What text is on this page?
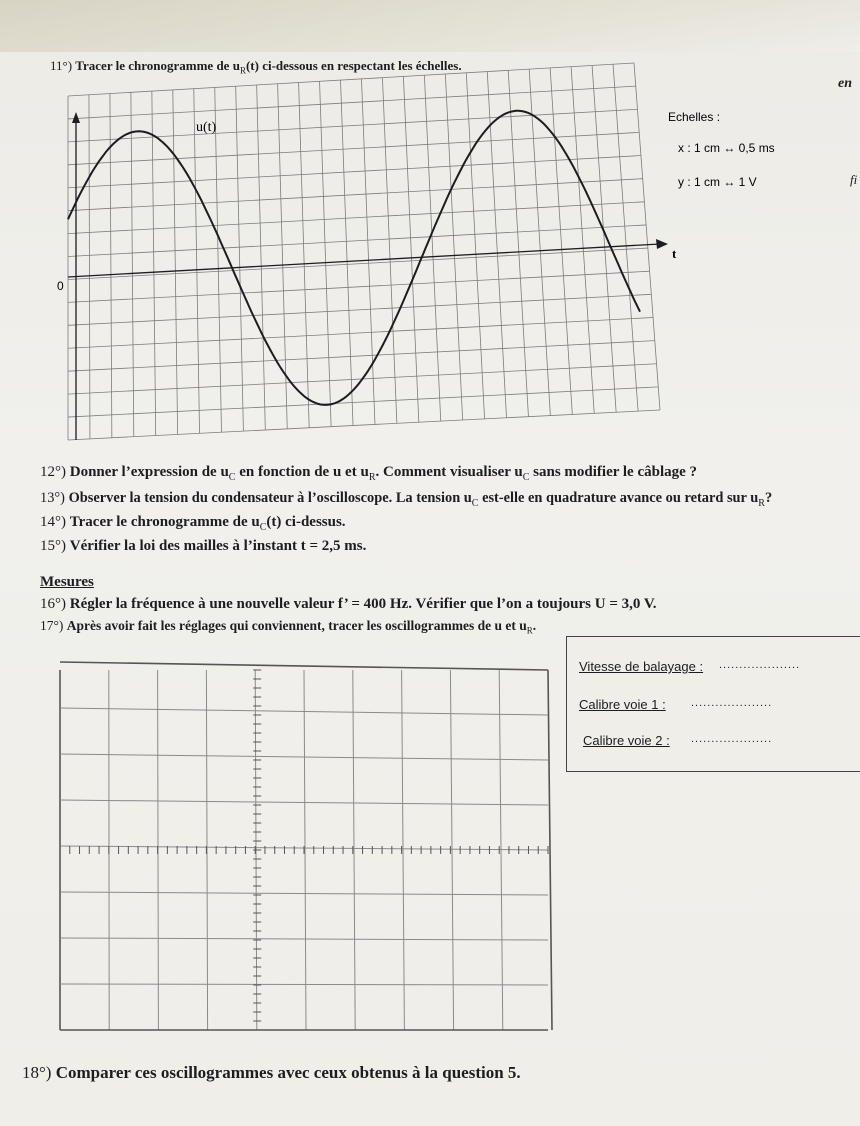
11°) Tracer le chronogramme de $u_R(t)$ ci-dessous en respectant les échelles.
en
fi
u(t)
t
0
Echelles :
x : 1 cm ↔ 0,5 ms
y : 1 cm ↔ 1 V
12°) Donner l’expression de $u_C$ en fonction de u et $u_R$. Comment visualiser $u_C$ sans modifier le câblage ?
13°) Observer la tension du condensateur à l’oscilloscope. La tension $u_C$ est-elle en quadrature avance ou retard sur $u_R$?
14°) Tracer le chronogramme de $u_C(t)$ ci-dessus.
15°) Vérifier la loi des mailles à l’instant t = 2,5 ms.
Mesures
16°) Régler la fréquence à une nouvelle valeur f’ = 400 Hz. Vérifier que l’on a toujours U = 3,0 V.
17°) Après avoir fait les réglages qui conviennent, tracer les oscillogrammes de u et $u_R$.
Vitesse de balayage : ....................
Calibre voie 1 : ....................
Calibre voie 2 : ....................
18°) Comparer ces oscillogrammes avec ceux obtenus à la question 5.
